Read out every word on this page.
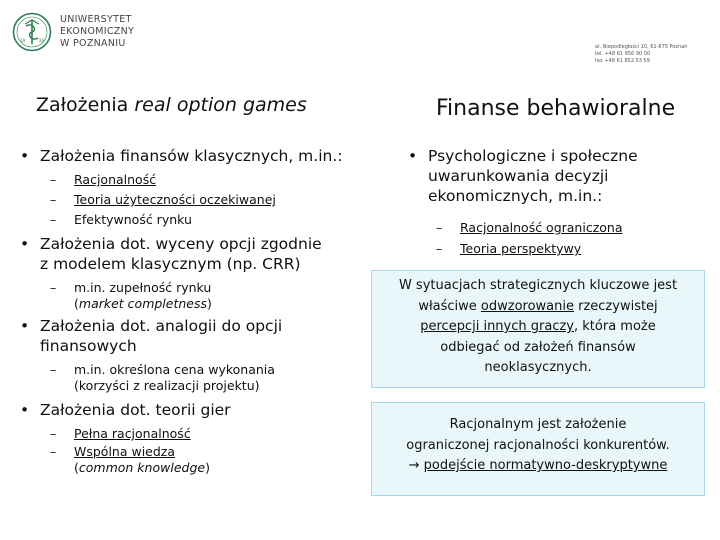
19	26
UNIWERSYTET
EKONOMICZNY
W POZNANIU	al. Niepodległości 10, 61-875 Poznań
tel. +48 61 856 90 00
fax +48 61 852 53 59
Założenia real option games
• Założenia finansów klasycznych, m.in.:
– Racjonalność
– Teoria użyteczności oczekiwanej
– Efektywność rynku
• Założenia dot. wyceny opcji zgodnie
z modelem klasycznym (np. CRR)
– m.in. zupełność rynku
(market completness)
• Założenia dot. analogii do opcji
finansowych
– m.in. określona cena wykonania
(korzyści z realizacji projektu)
• Założenia dot. teorii gier
– Pełna racjonalność
– Wspólna wiedza
(common knowledge)
Finanse behawioralne
• Psychologiczne i społeczne
uwarunkowania decyzji
ekonomicznych, m.in.:
– Racjonalność ograniczona
– Teoria perspektywy
W sytuacjach strategicznych kluczowe jest
właściwe odwzorowanie rzeczywistej
percepcji innych graczy, która może
odbiegać od założeń finansów
neoklasycznych.
Racjonalnym jest założenie
ograniczonej racjonalności konkurentów.
→ podejście normatywno-deskryptywne
